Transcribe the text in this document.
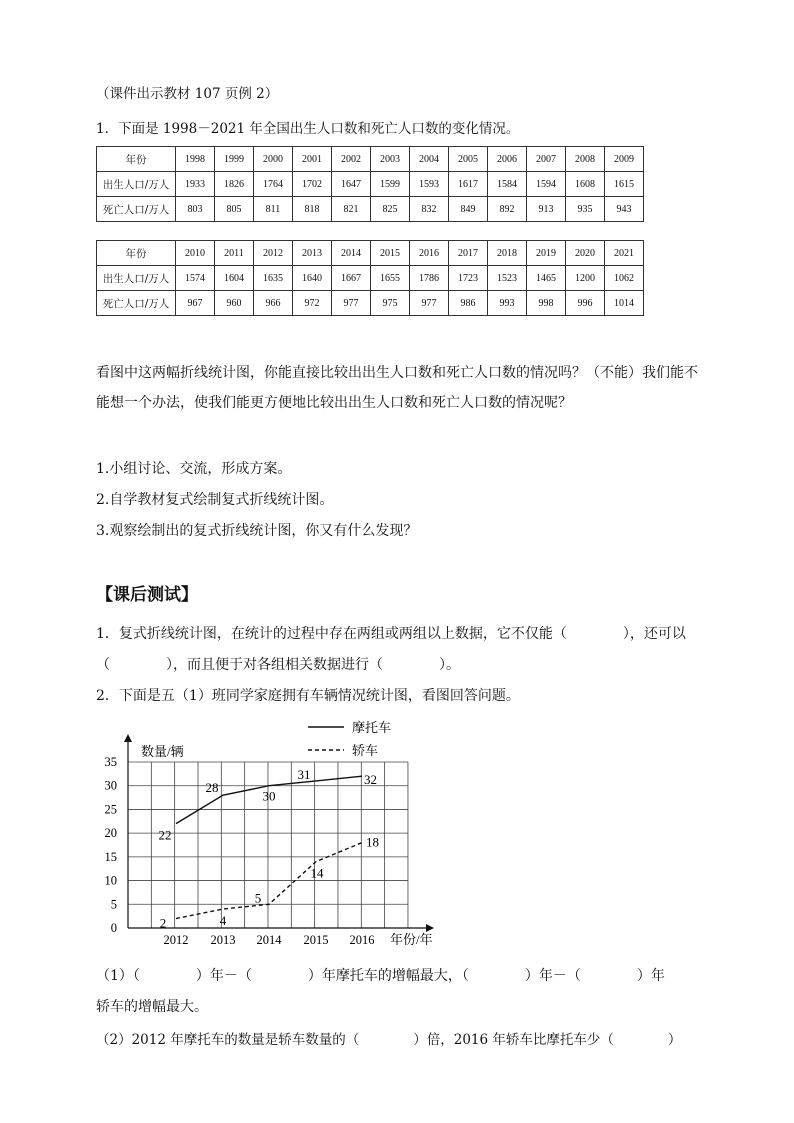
（课件出示教材 107 页例 2）
1．下面是 1998－2021 年全国出生人口数和死亡人口数的变化情况。
年份	1998	1999	2000	2001	2002	2003	2004	2005	2006	2007	2008	2009
出生人口/万人	1933	1826	1764	1702	1647	1599	1593	1617	1584	1594	1608	1615
死亡人口/万人	803	805	811	818	821	825	832	849	892	913	935	943
年份	2010	2011	2012	2013	2014	2015	2016	2017	2018	2019	2020	2021
出生人口/万人	1574	1604	1635	1640	1667	1655	1786	1723	1523	1465	1200	1062
死亡人口/万人	967	960	966	972	977	975	977	986	993	998	996	1014
看图中这两幅折线统计图，你能直接比较出出生人口数和死亡人口数的情况吗？（不能）我们能不能想一个办法，使我们能更方便地比较出出生人口数和死亡人口数的情况呢？
1.小组讨论、交流，形成方案。
2.自学教材复式绘制复式折线统计图。
3.观察绘制出的复式折线统计图，你又有什么发现？
【课后测试】
1．复式折线统计图，在统计的过程中存在两组或两组以上数据，它不仅能（　　　　），还可以
（　　　　），而且便于对各组相关数据进行（　　　　）。
2．下面是五（1）班同学家庭拥有车辆情况统计图，看图回答问题。
数量/辆
年份/年
0
5
10
15
20
25
30
35
2012 2013 2014 2015 2016
22
28
30
31	32
2	4
5
14
18
摩托车
轿车
（1）（　　　　）年－（　　　　）年摩托车的增幅最大，（　　　　）年－（　　　　）年
轿车的增幅最大。
（2）2012 年摩托车的数量是轿车数量的（　　　　）倍，2016 年轿车比摩托车少（　　　　）
